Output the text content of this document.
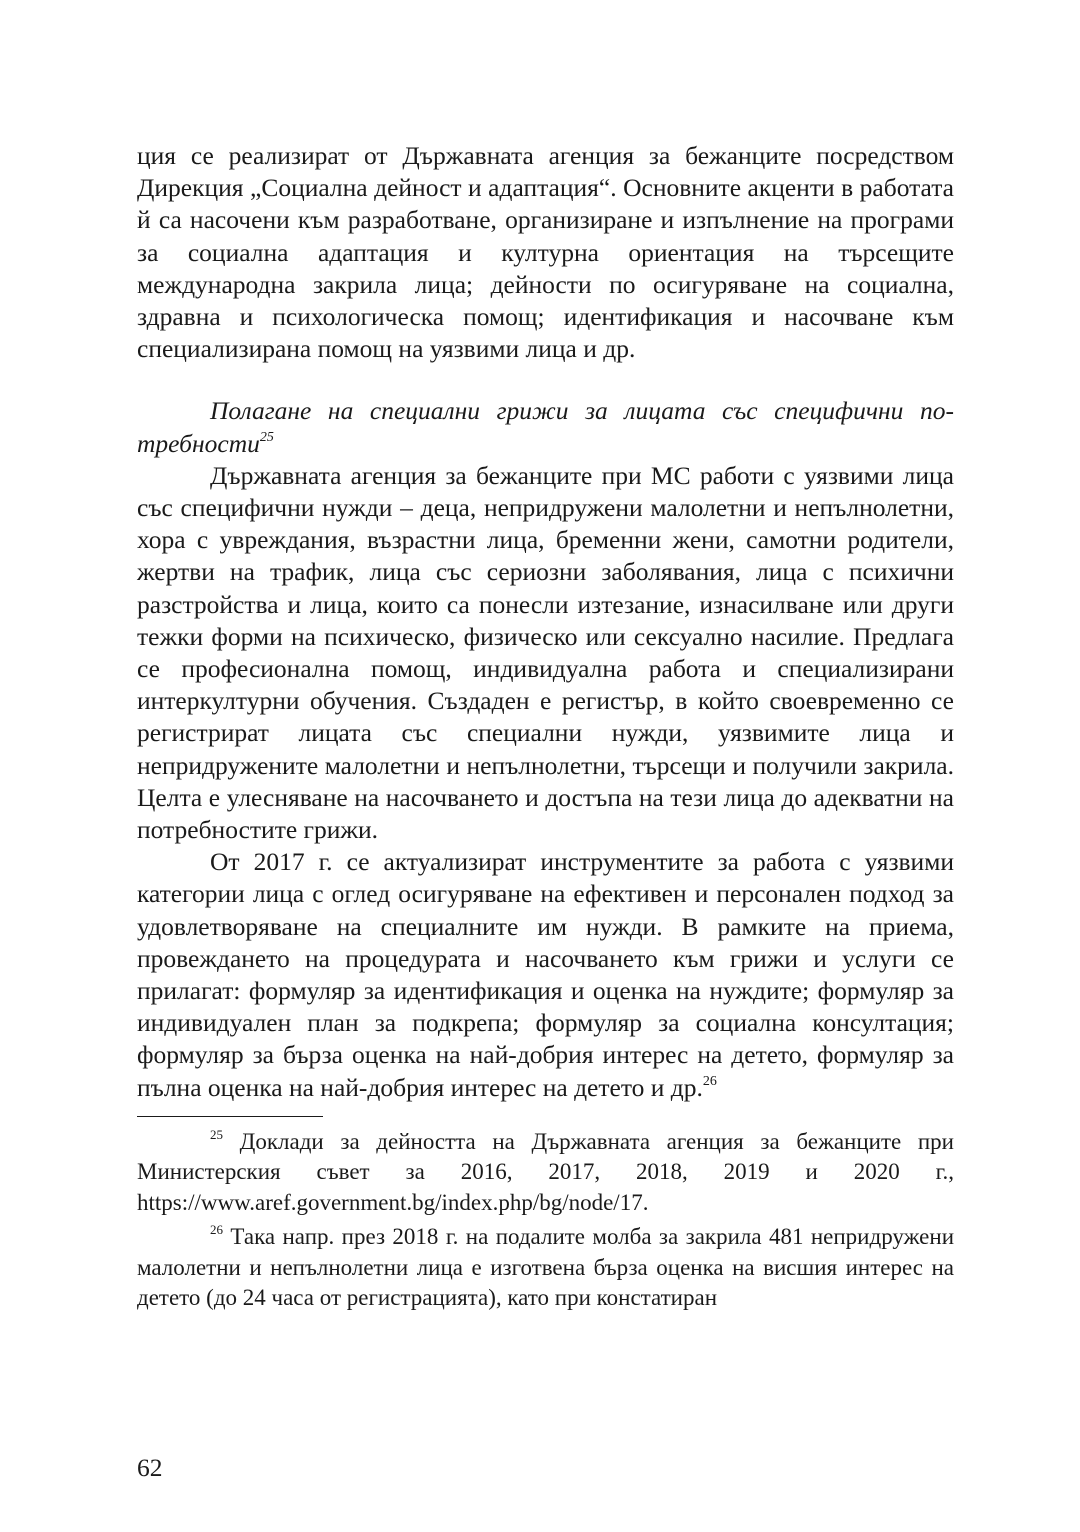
ция се реализират от Държавната агенция за бежанците посредством Дирекция „Социална дейност и адаптация“. Основните акценти в работата й са насочени към разработване, организиране и изпълнение на програми за социална адаптация и културна ориентация на търсещите международна закрила лица; дейности по осигуряване на социална, здравна и психологическа помощ; идентификация и насочване към специализирана помощ на уязвими лица и др.

Полагане на специални грижи за лицата със специфични потребности$^{25}$

Държавната агенция за бежанците при МС работи с уязвими лица със специфични нужди – деца, непридружени малолетни и непълнолетни, хора с увреждания, възрастни лица, бременни жени, самотни родители, жертви на трафик, лица със сериозни заболявания, лица с психични разстройства и лица, които са понесли изтезание, изнасилване или други тежки форми на психическо, физическо или сексуално насилие. Предлага се професионална помощ, индивидуална работа и специализирани интеркултурни обучения. Създаден е регистър, в който своевременно се регистрират лицата със специални нужди, уязвимите лица и непридружените малолетни и непълнолетни, търсещи и получили закрила. Целта е улесняване на насочването и достъпа на тези лица до адекватни на потребностите грижи.

От 2017 г. се актуализират инструментите за работа с уязвими категории лица с оглед осигуряване на ефективен и персонален подход за удовлетворяване на специалните им нужди. В рамките на приема, провеждането на процедурата и насочването към грижи и услуги се прилагат: формуляр за идентификация и оценка на нуждите; формуляр за индивидуален план за подкрепа; формуляр за социална консултация; формуляр за бърза оценка на най-добрия интерес на детето, формуляр за пълна оценка на най-добрия интерес на детето и др.$^{26}$

$^{25}$ Доклади за дейността на Държавната агенция за бежанците при Министерския съвет за 2016, 2017, 2018, 2019 и 2020 г., https://www.aref.government.bg/index.php/bg/node/17.

$^{26}$ Така напр. през 2018 г. на подалите молба за закрила 481 непридружени малолетни и непълнолетни лица е изготвена бърза оценка на висшия интерес на детето (до 24 часа от регистрацията), като при констатиран

62
